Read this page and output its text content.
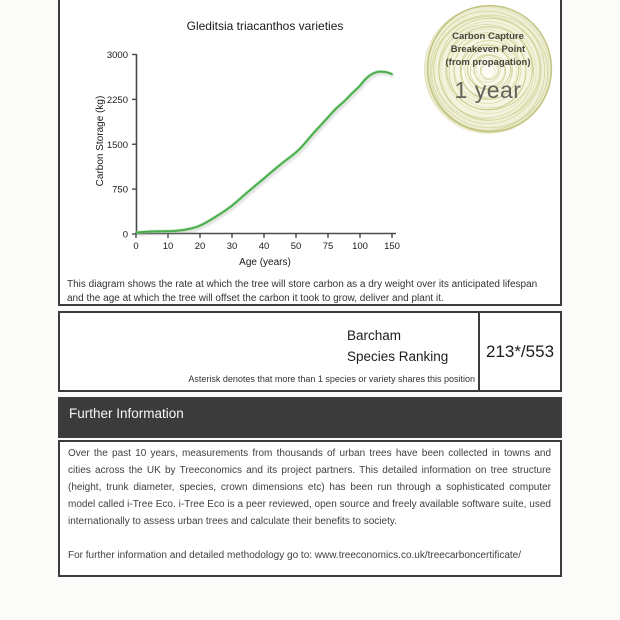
Gleditsia triacanthos varieties
0
750
1500
2250
3000
0	10 20 30 40 50 75 100 150
Carbon Storage (kg)
Age (years)
This diagram shows the rate at which the tree will store carbon as a dry weight over its anticipated lifespan and the age at which the tree will offset the carbon it took to grow, deliver and plant it.
Carbon Capture
Breakeven Point
(from propagation)
1 year
Barcham
Species Ranking	213*/553
Asterisk denotes that more than 1 species or variety shares this position
Further Information
Over the past 10 years, measurements from thousands of urban trees have been collected in towns and cities across the UK by Treeconomics and its project partners. This detailed information on tree structure (height, trunk diameter, species, crown dimensions etc) has been run through a sophisticated computer model called i-Tree Eco. i-Tree Eco is a peer reviewed, open source and freely available software suite, used internationally to assess urban trees and calculate their benefits to society.
For further information and detailed methodology go to: www.treeconomics.co.uk/treecarboncertificate/
